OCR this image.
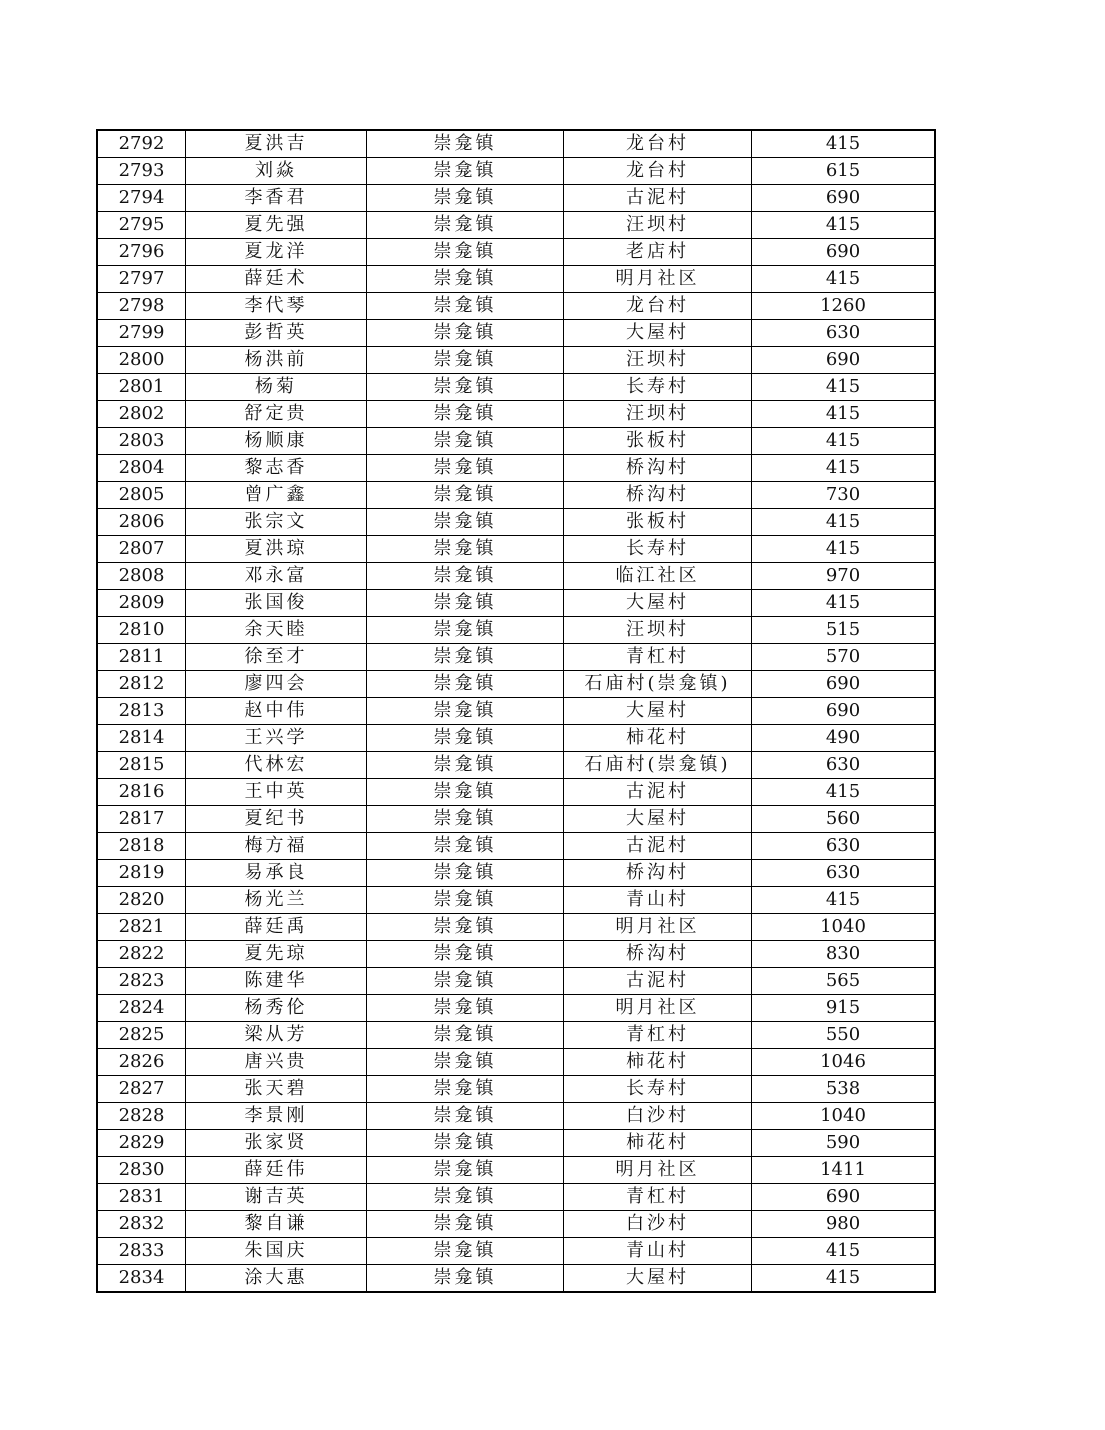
2792	夏洪吉	崇龛镇	龙台村	415
2793	刘焱	崇龛镇	龙台村	615
2794	李香君	崇龛镇	古泥村	690
2795	夏先强	崇龛镇	汪坝村	415
2796	夏龙洋	崇龛镇	老店村	690
2797	薛廷术	崇龛镇	明月社区	415
2798	李代琴	崇龛镇	龙台村	1260
2799	彭哲英	崇龛镇	大屋村	630
2800	杨洪前	崇龛镇	汪坝村	690
2801	杨菊	崇龛镇	长寿村	415
2802	舒定贵	崇龛镇	汪坝村	415
2803	杨顺康	崇龛镇	张板村	415
2804	黎志香	崇龛镇	桥沟村	415
2805	曾广鑫	崇龛镇	桥沟村	730
2806	张宗文	崇龛镇	张板村	415
2807	夏洪琼	崇龛镇	长寿村	415
2808	邓永富	崇龛镇	临江社区	970
2809	张国俊	崇龛镇	大屋村	415
2810	余天睦	崇龛镇	汪坝村	515
2811	徐至才	崇龛镇	青杠村	570
2812	廖四会	崇龛镇	石庙村(崇龛镇)	690
2813	赵中伟	崇龛镇	大屋村	690
2814	王兴学	崇龛镇	柿花村	490
2815	代林宏	崇龛镇	石庙村(崇龛镇)	630
2816	王中英	崇龛镇	古泥村	415
2817	夏纪书	崇龛镇	大屋村	560
2818	梅方福	崇龛镇	古泥村	630
2819	易承良	崇龛镇	桥沟村	630
2820	杨光兰	崇龛镇	青山村	415
2821	薛廷禹	崇龛镇	明月社区	1040
2822	夏先琼	崇龛镇	桥沟村	830
2823	陈建华	崇龛镇	古泥村	565
2824	杨秀伦	崇龛镇	明月社区	915
2825	梁从芳	崇龛镇	青杠村	550
2826	唐兴贵	崇龛镇	柿花村	1046
2827	张天碧	崇龛镇	长寿村	538
2828	李景刚	崇龛镇	白沙村	1040
2829	张家贤	崇龛镇	柿花村	590
2830	薛廷伟	崇龛镇	明月社区	1411
2831	谢吉英	崇龛镇	青杠村	690
2832	黎自谦	崇龛镇	白沙村	980
2833	朱国庆	崇龛镇	青山村	415
2834	涂大惠	崇龛镇	大屋村	415
